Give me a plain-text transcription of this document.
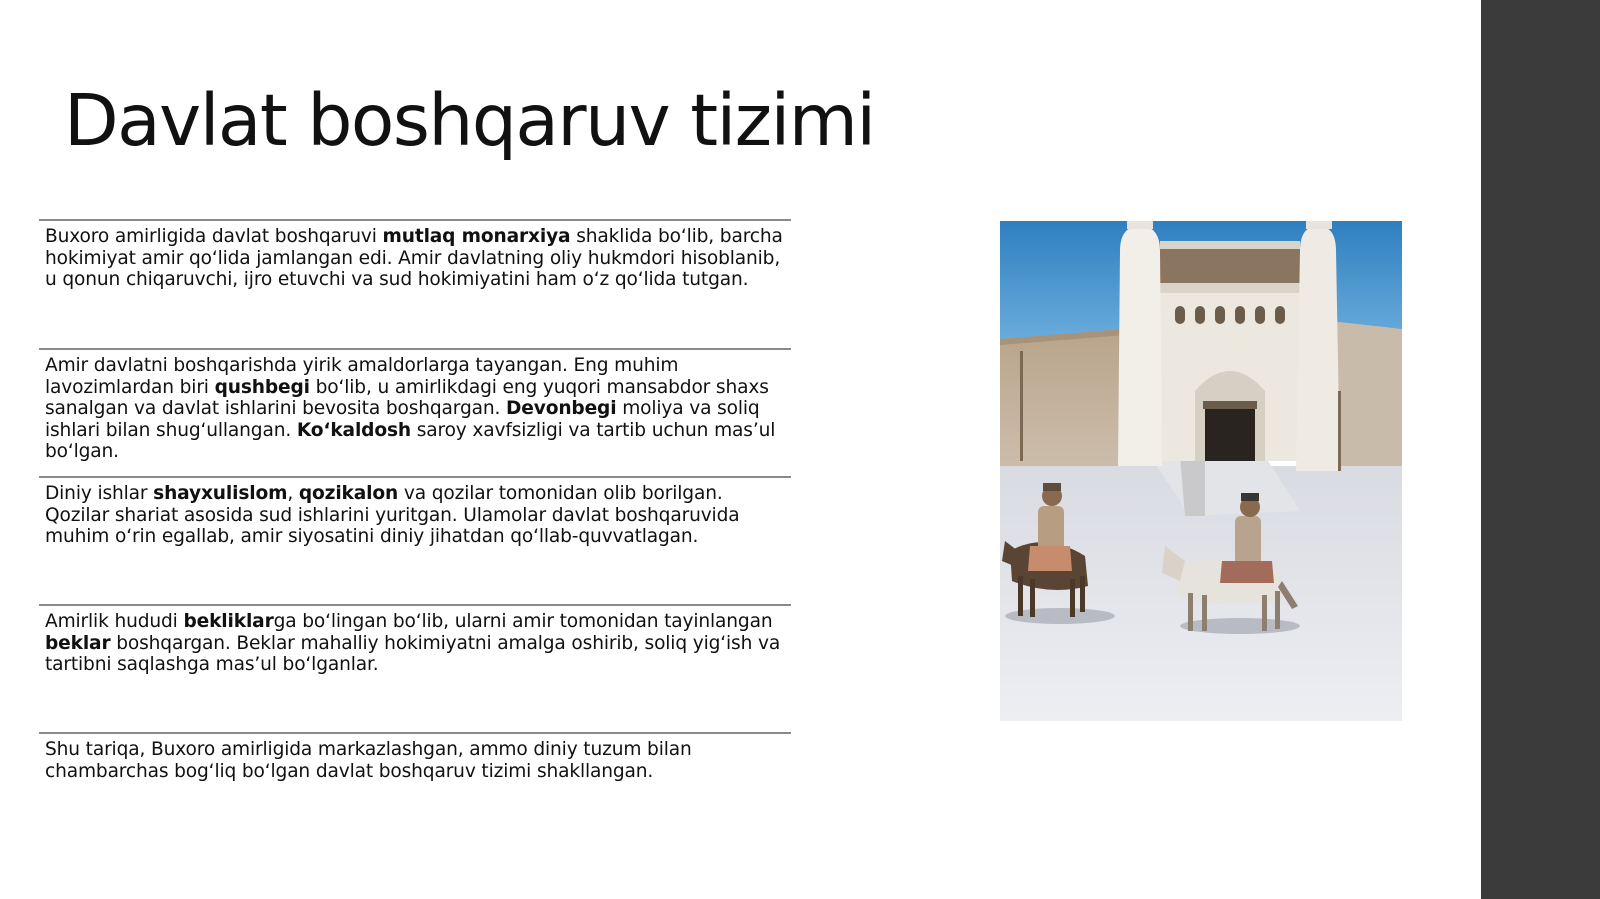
Davlat boshqaruv tizimi
Buxoro amirligida davlat boshqaruvi mutlaq monarxiya shaklida bo‘lib, barcha hokimiyat amir qo‘lida jamlangan edi. Amir davlatning oliy hukmdori hisoblanib, u qonun chiqaruvchi, ijro etuvchi va sud hokimiyatini ham o‘z qo‘lida tutgan.
Amir davlatni boshqarishda yirik amaldorlarga tayangan. Eng muhim lavozimlardan biri qushbegi bo‘lib, u amirlikdagi eng yuqori mansabdor shaxs sanalgan va davlat ishlarini bevosita boshqargan. Devonbegi moliya va soliq ishlari bilan shug‘ullangan. Ko‘kaldosh saroy xavfsizligi va tartib uchun mas’ul bo‘lgan.
Diniy ishlar shayxulislom, qozikalon va qozilar tomonidan olib borilgan. Qozilar shariat asosida sud ishlarini yuritgan. Ulamolar davlat boshqaruvida muhim o‘rin egallab, amir siyosatini diniy jihatdan qo‘llab-quvvatlagan.
Amirlik hududi bekliklarga bo‘lingan bo‘lib, ularni amir tomonidan tayinlangan beklar boshqargan. Beklar mahalliy hokimiyatni amalga oshirib, soliq yig‘ish va tartibni saqlashga mas’ul bo‘lganlar.
Shu tariqa, Buxoro amirligida markazlashgan, ammo diniy tuzum bilan chambarchas bog‘liq bo‘lgan davlat boshqaruv tizimi shakllangan.
